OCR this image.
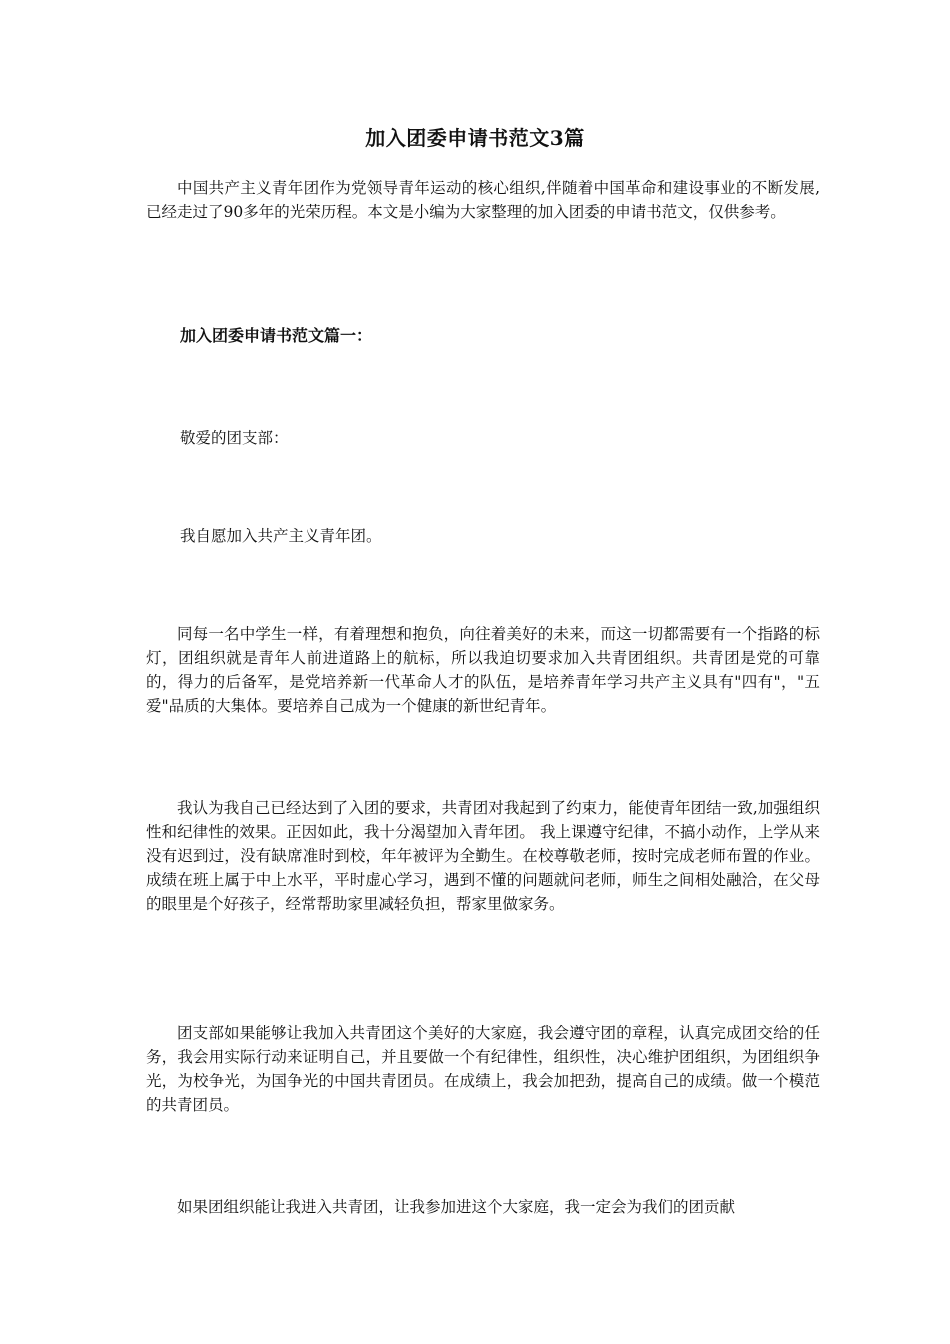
加入团委申请书范文3篇

中国共产主义青年团作为党领导青年运动的核心组织,伴随着中国革命和建设事业的不断发展,已经走过了90多年的光荣历程。本文是小编为大家整理的加入团委的申请书范文，仅供参考。

加入团委申请书范文篇一：
敬爱的团支部：
我自愿加入共产主义青年团。

同每一名中学生一样，有着理想和抱负，向往着美好的未来，而这一切都需要有一个指路的标灯，团组织就是青年人前进道路上的航标，所以我迫切要求加入共青团组织。共青团是党的可靠的，得力的后备军，是党培养新一代革命人才的队伍，是培养青年学习共产主义具有"四有"，"五爱"品质的大集体。要培养自己成为一个健康的新世纪青年。

我认为我自己已经达到了入团的要求，共青团对我起到了约束力，能使青年团结一致,加强组织性和纪律性的效果。正因如此，我十分渴望加入青年团。 我上课遵守纪律，不搞小动作，上学从来没有迟到过，没有缺席准时到校，年年被评为全勤生。在校尊敬老师，按时完成老师布置的作业。成绩在班上属于中上水平，平时虚心学习，遇到不懂的问题就问老师，师生之间相处融洽，在父母的眼里是个好孩子，经常帮助家里减轻负担，帮家里做家务。

团支部如果能够让我加入共青团这个美好的大家庭，我会遵守团的章程，认真完成团交给的任务，我会用实际行动来证明自己，并且要做一个有纪律性，组织性，决心维护团组织，为团组织争光，为校争光，为国争光的中国共青团员。在成绩上，我会加把劲，提高自己的成绩。做一个模范的共青团员。

如果团组织能让我进入共青团，让我参加进这个大家庭，我一定会为我们的团贡献
